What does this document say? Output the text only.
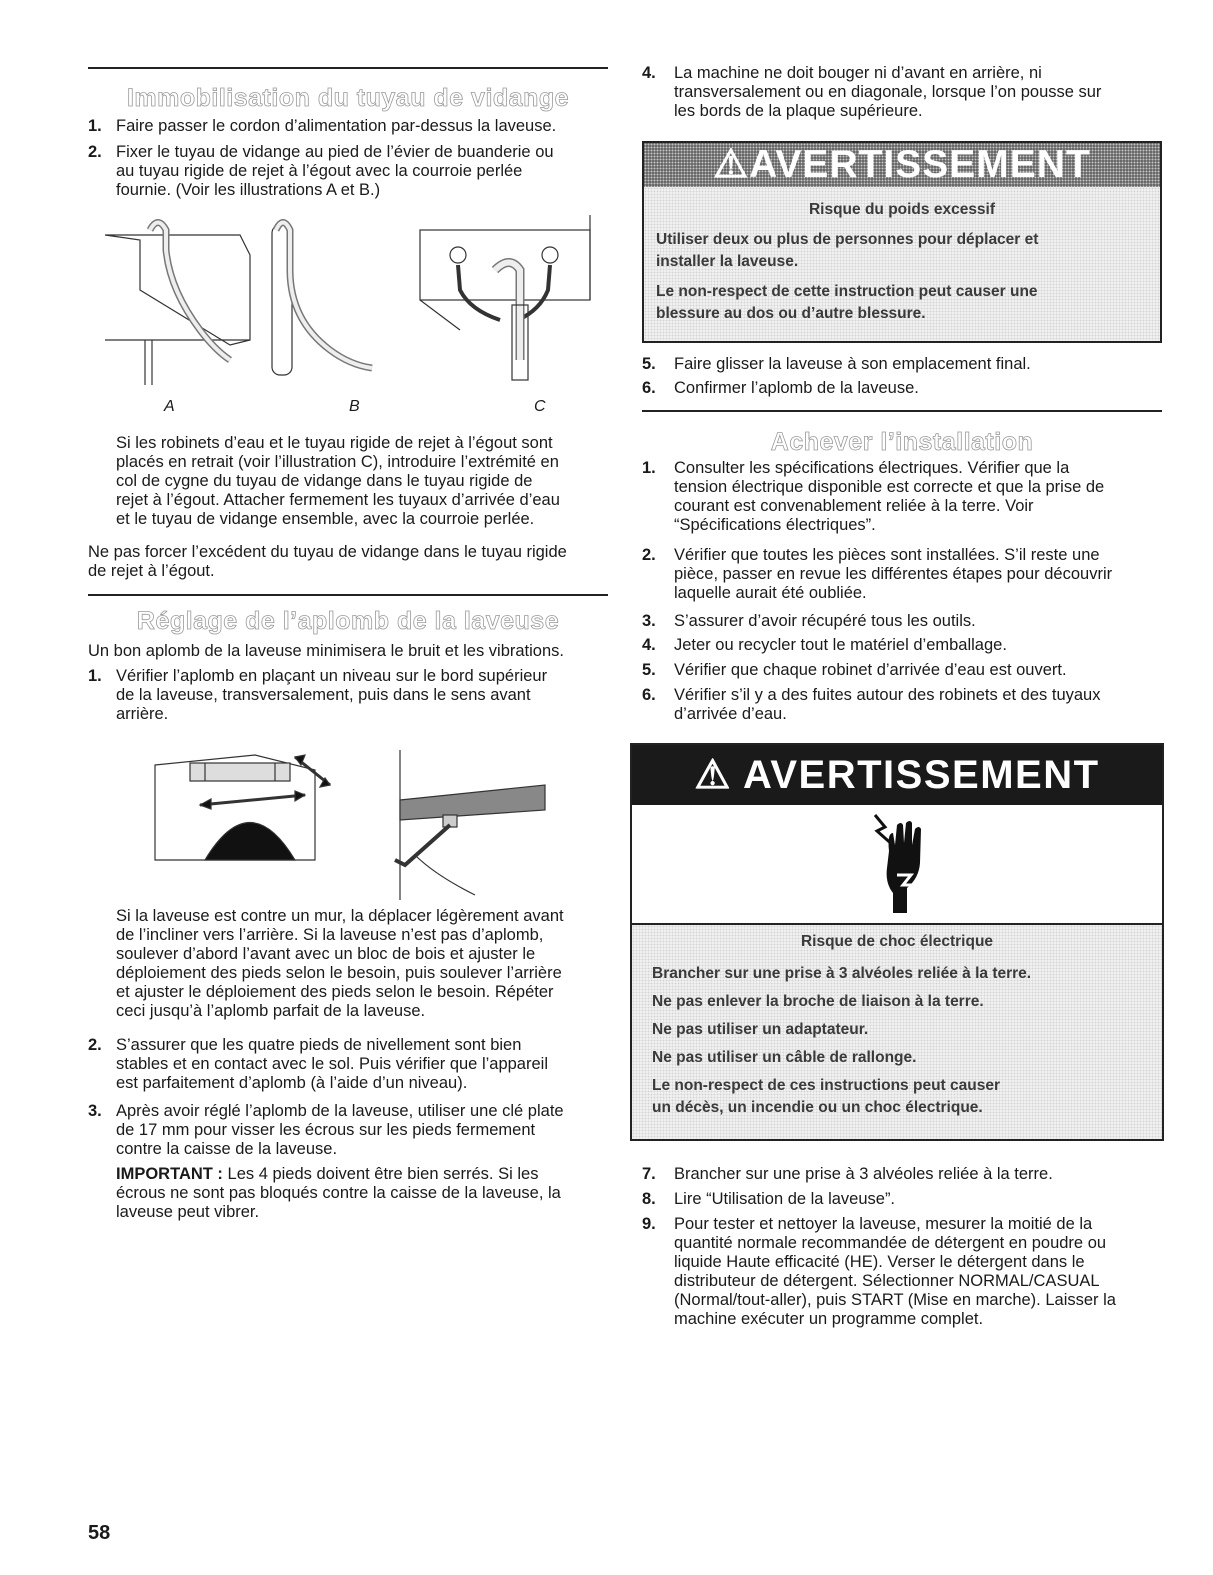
Immobilisation du tuyau de vidange
1. Faire passer le cordon d’alimentation par-dessus la laveuse.
2. Fixer le tuyau de vidange au pied de l’évier de buanderie ou
au tuyau rigide de rejet à l’égout avec la courroie perlée
fournie. (Voir les illustrations A et B.)
A	B	C
Si les robinets d’eau et le tuyau rigide de rejet à l’égout sont
placés en retrait (voir l’illustration C), introduire l’extrémité en
col de cygne du tuyau de vidange dans le tuyau rigide de
rejet à l’égout. Attacher fermement les tuyaux d’arrivée d’eau
et le tuyau de vidange ensemble, avec la courroie perlée.
Ne pas forcer l’excédent du tuyau de vidange dans le tuyau rigide
de rejet à l’égout.
Réglage de l’aplomb de la laveuse
Un bon aplomb de la laveuse minimisera le bruit et les vibrations.
1. Vérifier l’aplomb en plaçant un niveau sur le bord supérieur
de la laveuse, transversalement, puis dans le sens avant
arrière.
Si la laveuse est contre un mur, la déplacer légèrement avant
de l’incliner vers l’arrière. Si la laveuse n’est pas d’aplomb,
soulever d’abord l’avant avec un bloc de bois et ajuster le
déploiement des pieds selon le besoin, puis soulever l’arrière
et ajuster le déploiement des pieds selon le besoin. Répéter
ceci jusqu’à l’aplomb parfait de la laveuse.
2. S’assurer que les quatre pieds de nivellement sont bien
stables et en contact avec le sol. Puis vérifier que l’appareil
est parfaitement d’aplomb (à l’aide d’un niveau).
3. Après avoir réglé l’aplomb de la laveuse, utiliser une clé plate
de 17 mm pour visser les écrous sur les pieds fermement
contre la caisse de la laveuse.
IMPORTANT : Les 4 pieds doivent être bien serrés. Si les
écrous ne sont pas bloqués contre la caisse de la laveuse, la
laveuse peut vibrer.
58
4. La machine ne doit bouger ni d’avant en arrière, ni
transversalement ou en diagonale, lorsque l’on pousse sur
les bords de la plaque supérieure.
⚠AVERTISSEMENT
Risque du poids excessif
Utiliser deux ou plus de personnes pour déplacer et
installer la laveuse.
Le non-respect de cette instruction peut causer une
blessure au dos ou d’autre blessure.
5. Faire glisser la laveuse à son emplacement final.
6. Confirmer l’aplomb de la laveuse.
Achever l’installation
1. Consulter les spécifications électriques. Vérifier que la
tension électrique disponible est correcte et que la prise de
courant est convenablement reliée à la terre. Voir
“Spécifications électriques”.
2. Vérifier que toutes les pièces sont installées. S’il reste une
pièce, passer en revue les différentes étapes pour découvrir
laquelle aurait été oubliée.
3. S’assurer d’avoir récupéré tous les outils.
4. Jeter ou recycler tout le matériel d’emballage.
5. Vérifier que chaque robinet d’arrivée d’eau est ouvert.
6. Vérifier s’il y a des fuites autour des robinets et des tuyaux
d’arrivée d’eau.
⚠ AVERTISSEMENT
Risque de choc électrique
Brancher sur une prise à 3 alvéoles reliée à la terre.
Ne pas enlever la broche de liaison à la terre.
Ne pas utiliser un adaptateur.
Ne pas utiliser un câble de rallonge.
Le non-respect de ces instructions peut causer
un décès, un incendie ou un choc électrique.
7. Brancher sur une prise à 3 alvéoles reliée à la terre.
8. Lire “Utilisation de la laveuse”.
9. Pour tester et nettoyer la laveuse, mesurer la moitié de la
quantité normale recommandée de détergent en poudre ou
liquide Haute efficacité (HE). Verser le détergent dans le
distributeur de détergent. Sélectionner NORMAL/CASUAL
(Normal/tout-aller), puis START (Mise en marche). Laisser la
machine exécuter un programme complet.
